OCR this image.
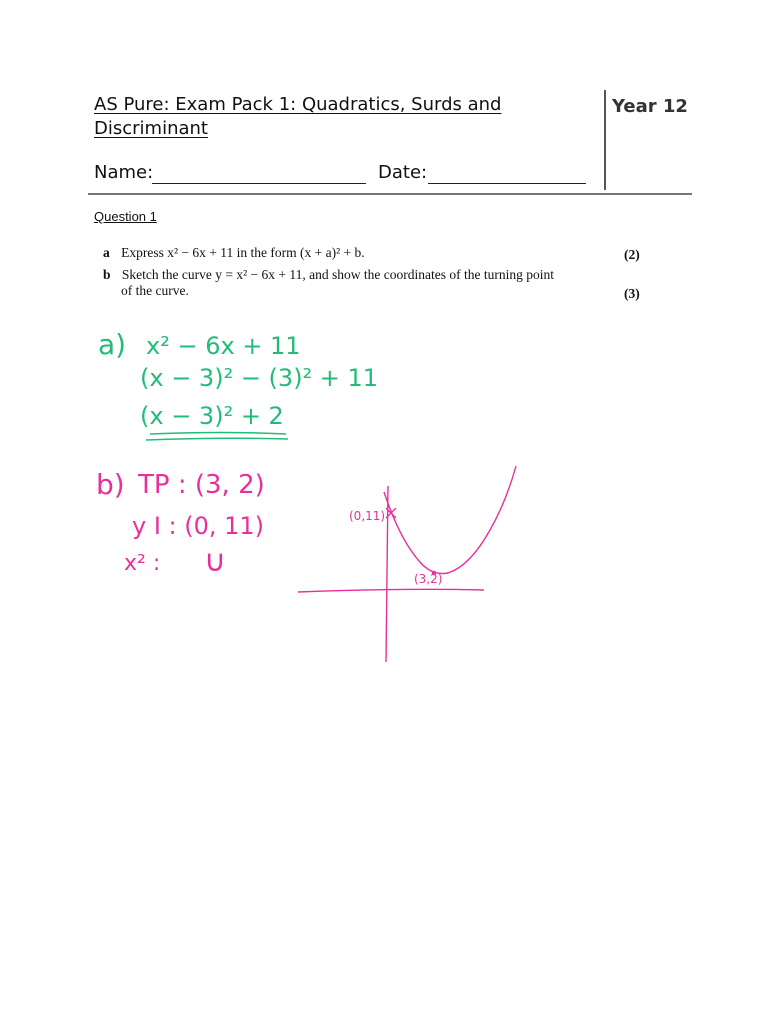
AS Pure: Exam Pack 1: Quadratics, Surds and
Discriminant
Year 12
Name:	Date:
Question 1
a Express x² − 6x + 11 in the form (x + a)² + b.	(2)
b Sketch the curve y = x² − 6x + 11, and show the coordinates of the turning point
of the curve.	(3)
a) x² − 6x + 11
(x − 3)² − (3)² + 11
(x − 3)² + 2
b) TP : (3, 2)
y I : (0, 11)
x² : ∪
(0,11)
(3,2)
